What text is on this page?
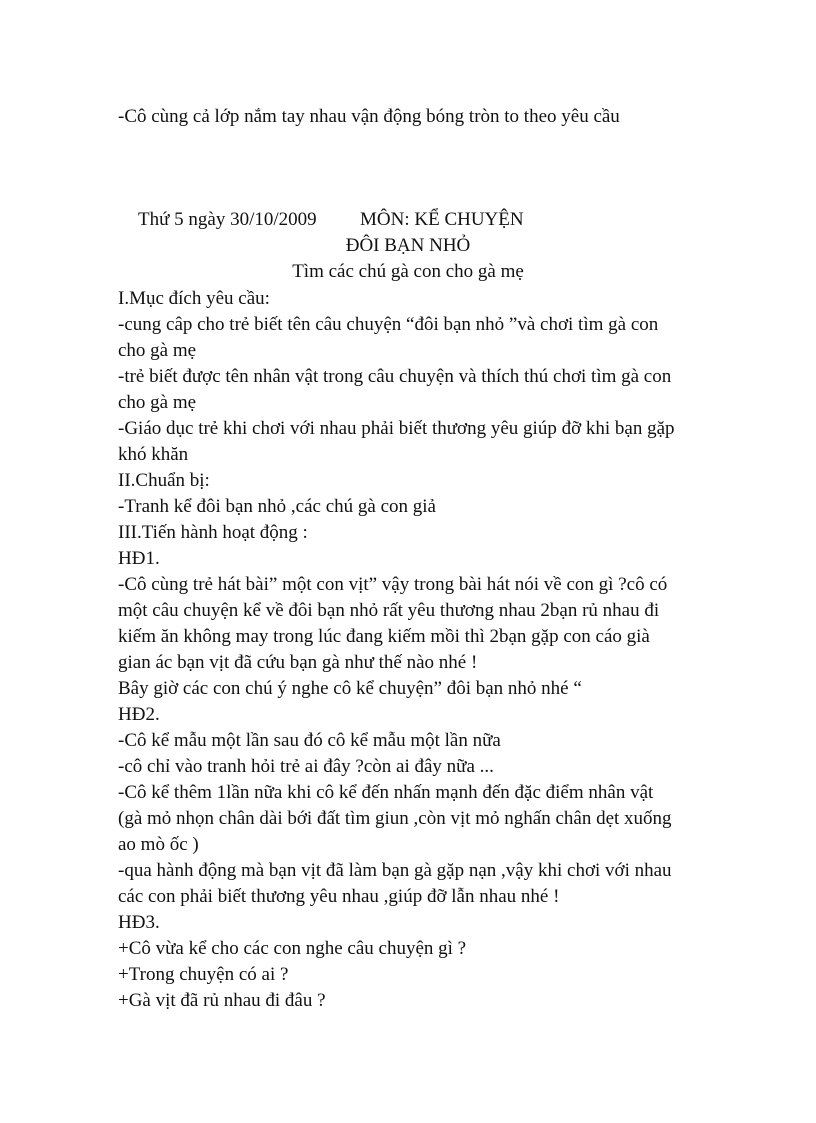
-Cô cùng cả lớp nắm tay nhau vận động bóng tròn to theo yêu cầu
Thứ 5 ngày 30/10/2009 MÔN: KỂ CHUYỆN
ĐÔI BẠN NHỎ
Tìm các chú gà con cho gà mẹ
I.Mục đích yêu cầu:
-cung câp cho trẻ biết tên câu chuyện “đôi bạn nhỏ ”và chơi tìm gà con
cho gà mẹ
-trẻ biết được tên nhân vật trong câu chuyện và thích thú chơi tìm gà con
cho gà mẹ
-Giáo dục trẻ khi chơi với nhau phải biết thương yêu giúp đỡ khi bạn gặp
khó khăn
II.Chuẩn bị:
-Tranh kể đôi bạn nhỏ ,các chú gà con giả
III.Tiến hành hoạt động :
HĐ1.
-Cô cùng trẻ hát bài” một con vịt” vậy trong bài hát nói về con gì ?cô có
một câu chuyện kể về đôi bạn nhỏ rất yêu thương nhau 2bạn rủ nhau đi
kiếm ăn không may trong lúc đang kiếm mồi thì 2bạn gặp con cáo già
gian ác bạn vịt đã cứu bạn gà như thế nào nhé !
Bây giờ các con chú ý nghe cô kể chuyện” đôi bạn nhỏ nhé “
HĐ2.
-Cô kể mẫu một lần sau đó cô kể mẫu một lần nữa
-cô chỉ vào tranh hỏi trẻ ai đây ?còn ai đây nữa ...
-Cô kể thêm 1lần nữa khi cô kể đến nhấn mạnh đến đặc điểm nhân vật
(gà mỏ nhọn chân dài bới đất tìm giun ,còn vịt mỏ nghấn chân dẹt xuống
ao mò ốc )
-qua hành động mà bạn vịt đã làm bạn gà gặp nạn ,vậy khi chơi với nhau
các con phải biết thương yêu nhau ,giúp đỡ lẫn nhau nhé !
HĐ3.
+Cô vừa kể cho các con nghe câu chuyện gì ?
+Trong chuyện có ai ?
+Gà vịt đã rủ nhau đi đâu ?
